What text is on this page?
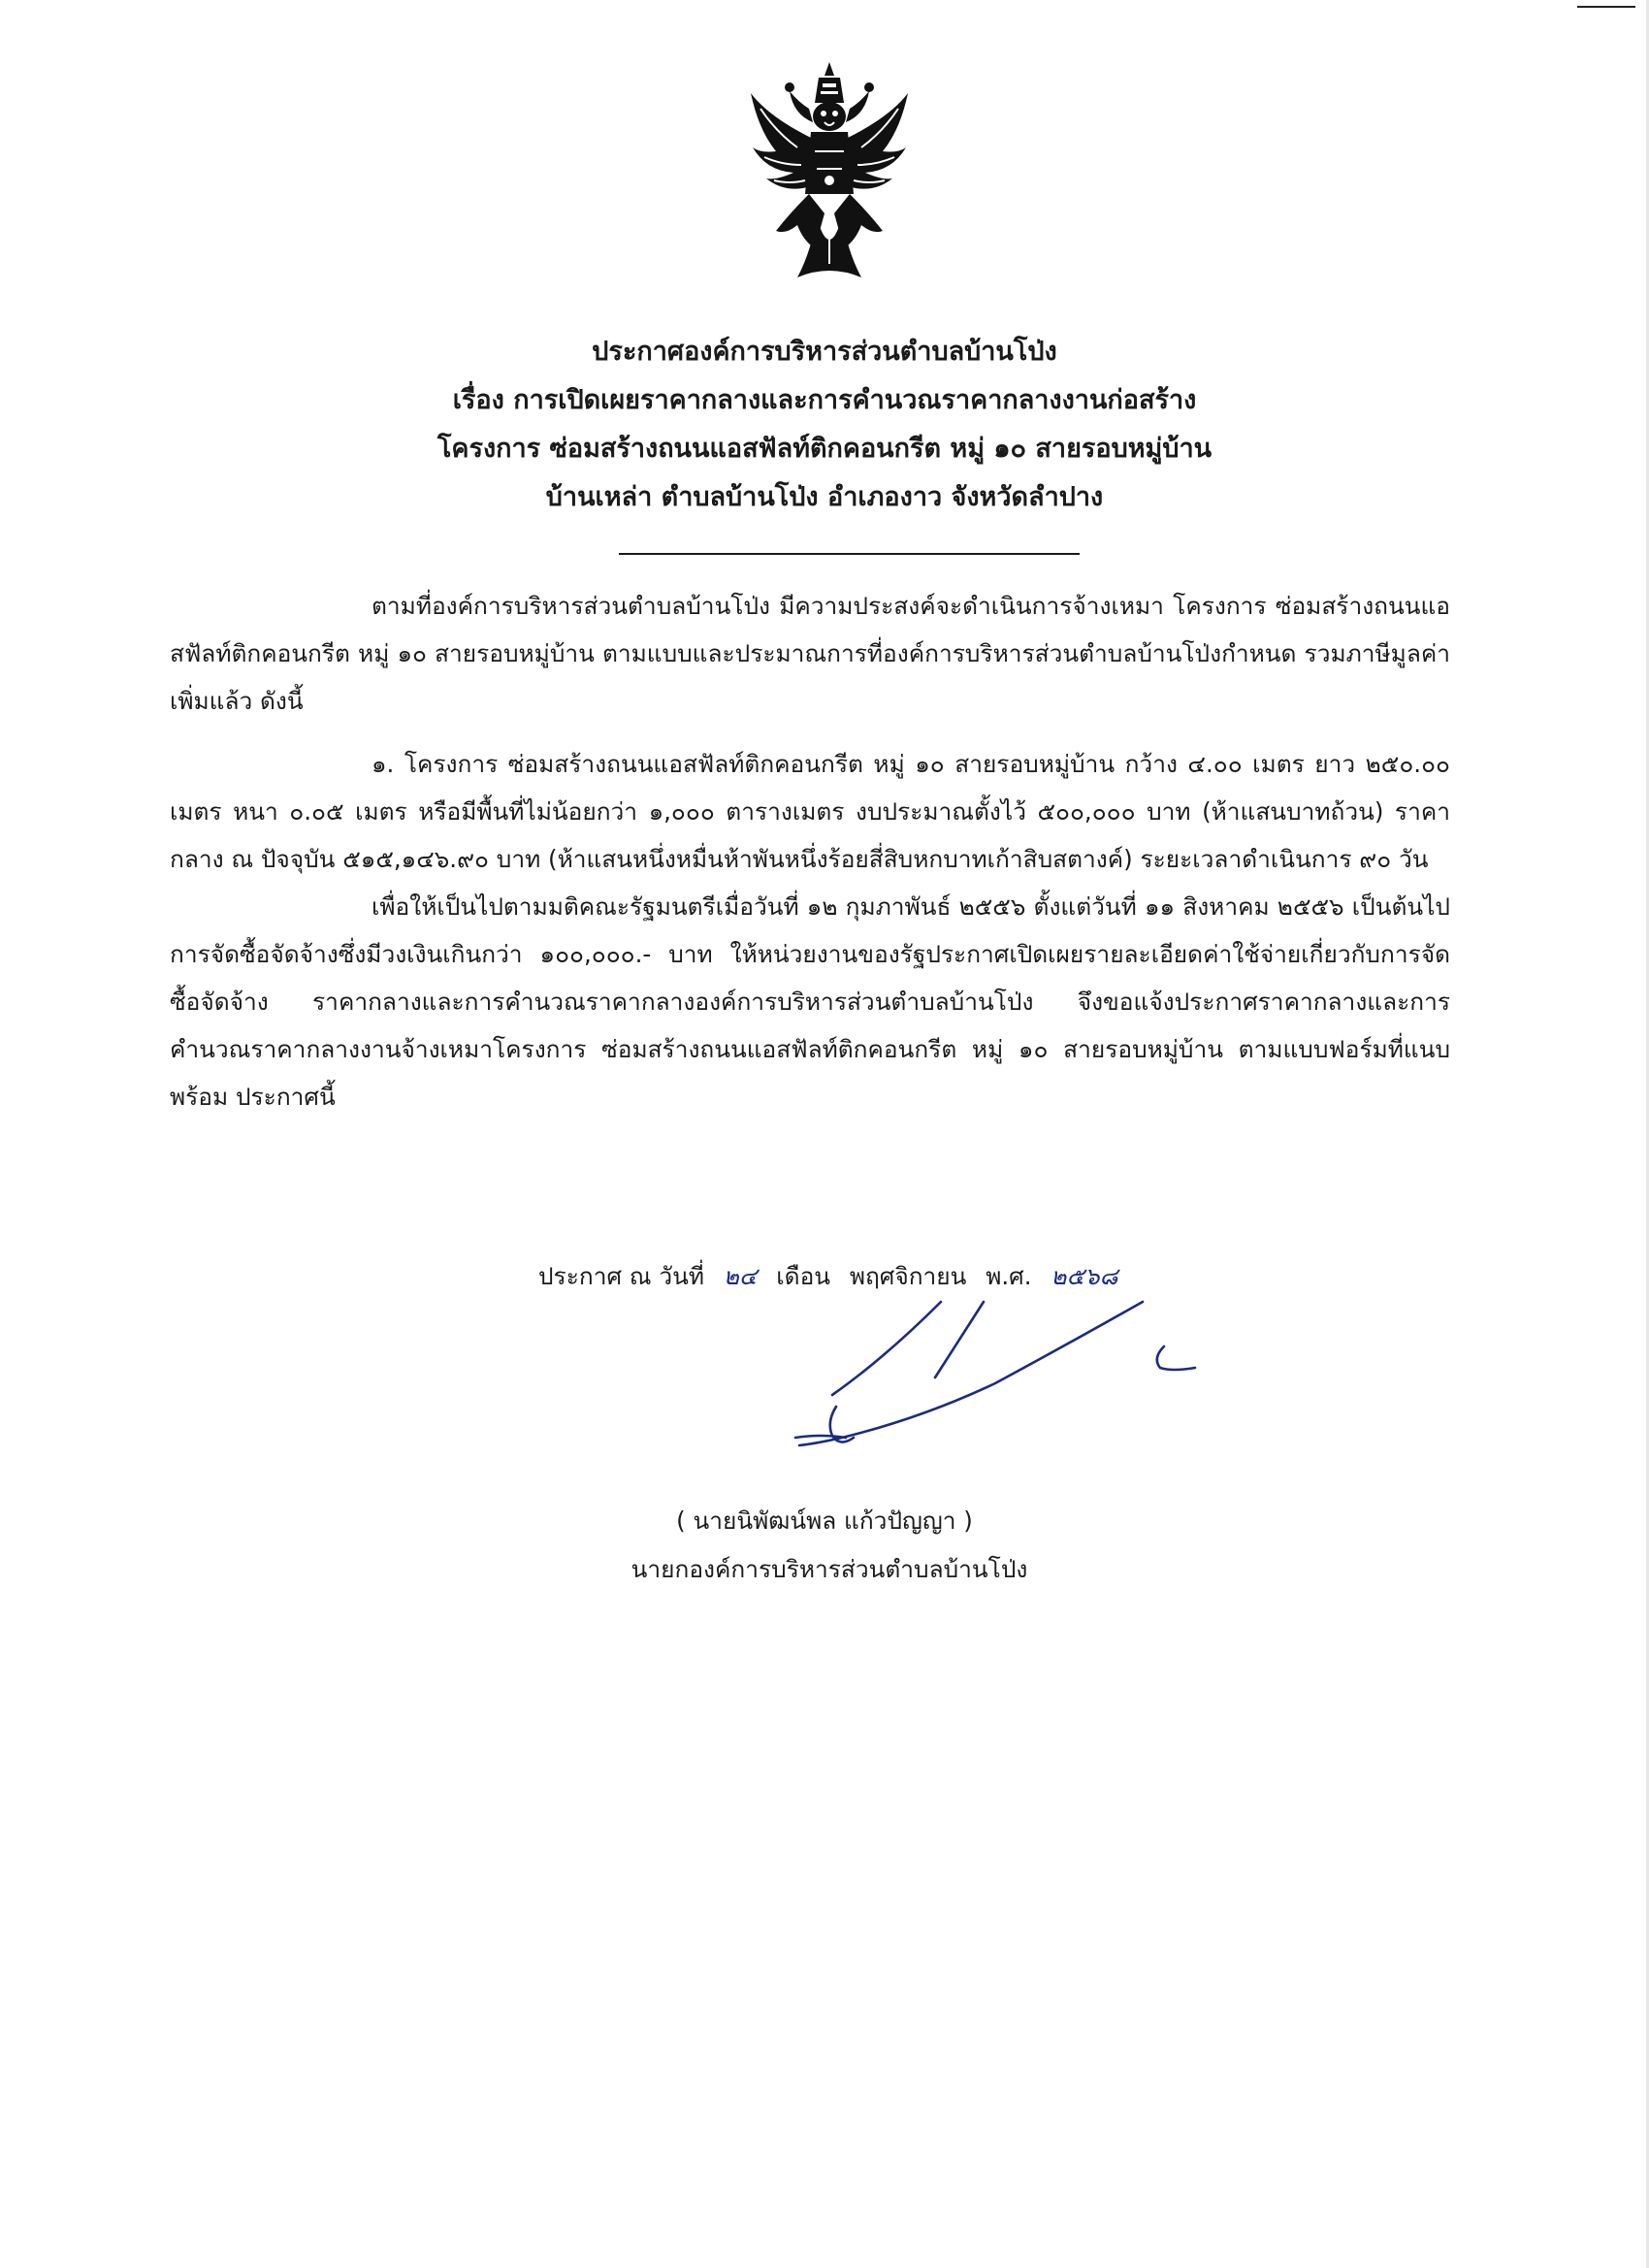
ประกาศองค์การบริหารส่วนตำบลบ้านโป่ง
เรื่อง การเปิดเผยราคากลางและการคำนวณราคากลางงานก่อสร้าง
โครงการ ซ่อมสร้างถนนแอสฟัลท์ติกคอนกรีต หมู่ ๑๐ สายรอบหมู่บ้าน
บ้านเหล่า ตำบลบ้านโป่ง อำเภองาว จังหวัดลำปาง
ตามที่องค์การบริหารส่วนตำบลบ้านโป่ง มีความประสงค์จะดำเนินการจ้างเหมา โครงการ ซ่อมสร้างถนนแอสฟัลท์ติกคอนกรีต หมู่ ๑๐ สายรอบหมู่บ้าน ตามแบบและประมาณการที่องค์การบริหารส่วนตำบลบ้านโป่งกำหนด รวมภาษีมูลค่าเพิ่มแล้ว ดังนี้
๑. โครงการ ซ่อมสร้างถนนแอสฟัลท์ติกคอนกรีต หมู่ ๑๐ สายรอบหมู่บ้าน กว้าง ๔.๐๐ เมตร ยาว ๒๕๐.๐๐ เมตร หนา ๐.๐๕ เมตร หรือมีพื้นที่ไม่น้อยกว่า ๑,๐๐๐ ตารางเมตร งบประมาณตั้งไว้ ๕๐๐,๐๐๐ บาท (ห้าแสนบาทถ้วน) ราคากลาง ณ ปัจจุบัน ๕๑๕,๑๔๖.๙๐ บาท (ห้าแสนหนึ่งหมื่นห้าพันหนึ่งร้อยสี่สิบหกบาทเก้าสิบสตางค์) ระยะเวลาดำเนินการ ๙๐ วัน
เพื่อให้เป็นไปตามมติคณะรัฐมนตรีเมื่อวันที่ ๑๒ กุมภาพันธ์ ๒๕๕๖ ตั้งแต่วันที่ ๑๑ สิงหาคม ๒๕๕๖ เป็นต้นไป การจัดซื้อจัดจ้างซึ่งมีวงเงินเกินกว่า ๑๐๐,๐๐๐.- บาท ให้หน่วยงานของรัฐประกาศเปิดเผยรายละเอียดค่าใช้จ่ายเกี่ยวกับการจัดซื้อจัดจ้าง ราคากลางและการคำนวณราคากลางองค์การบริหารส่วนตำบลบ้านโป่ง จึงขอแจ้งประกาศราคากลางและการคำนวณราคากลางงานจ้างเหมาโครงการ ซ่อมสร้างถนนแอสฟัลท์ติกคอนกรีต หมู่ ๑๐ สายรอบหมู่บ้าน ตามแบบฟอร์มที่แนบพร้อม ประกาศนี้
ประกาศ ณ วันที่ ๒๔ เดือน พฤศจิกายน พ.ศ. ๒๕๖๘
( นายนิพัฒน์พล แก้วปัญญา )
นายกองค์การบริหารส่วนตำบลบ้านโป่ง
